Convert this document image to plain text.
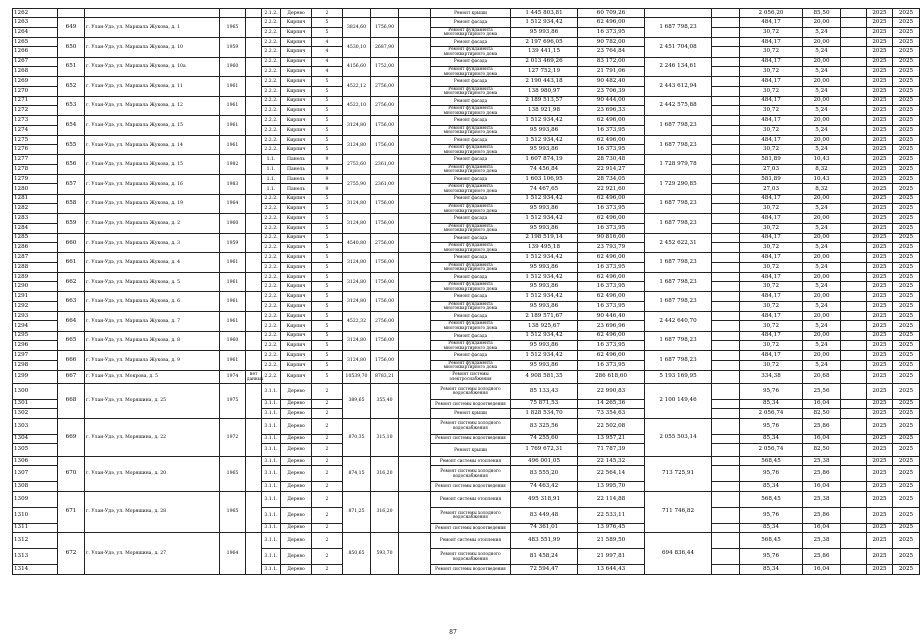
1262					2.1.2.	Дерево	2				Ремонт крыши	1 445 803,81	60 709,26			2 056,20	85,50		2025	2025
1263	649	г. Улан-Удэ, ул. Маршала Жукова, д. 1	1965		2.2.2.	Кирпич	5	3824,60	1756,90		Ремонт фасада	1 512 934,42	62 496,00	1 687 798,23		484,17	20,00		2025	2025
1264					2.2.2.	Кирпич	5				Ремонт фундамента многоквартирного дома	95 993,86	16 373,95			30,72	5,24		2025	2025
1265	650	г. Улан-Удэ, ул. Маршала Жукова, д. 10	1959		2.2.2.	Кирпич	4	4530,10	2687,90		Ремонт фасада	2 197 696,05	90 782,00	2 451 704,08		484,17	20,00		2025	2025
1266					2.2.2.	Кирпич	4				Ремонт фундамента многоквартирного дома	139 441,15	23 764,84			30,72	5,24		2025	2025
1267	651	г. Улан-Удэ, ул. Маршала Жукова, д. 10а	1960		2.2.2.	Кирпич	4	4156,60	1752,00		Ремонт фасада	2 013 469,26	83 172,00	2 246 134,61		484,17	20,00		2025	2025
1268					2.2.2.	Кирпич	4				Ремонт фундамента многоквартирного дома	127 752,19	21 791,06			30,72	5,24		2025	2025
1269	652	г. Улан-Удэ, ул. Маршала Жукова, д. 11	1961		2.2.2.	Кирпич	5	4522,12	2756,00		Ремонт фасада	2 190 443,18	90 482,40	2 443 612,94		484,17	20,00		2025	2025
1270					2.2.2.	Кирпич	5				Ремонт фундамента многоквартирного дома	138 980,97	23 706,39			30,72	5,24		2025	2025
1271	653	г. Улан-Удэ, ул. Маршала Жукова, д. 12	1961		2.2.2.	Кирпич	5	4522,10	2756,00		Ремонт фасада	2 189 513,57	90 444,00	2 442 575,88		484,17	20,00		2025	2025
1272					2.2.2.	Кирпич	5				Ремонт фундамента многоквартирного дома	138 921,98	23 696,33			30,72	5,24		2025	2025
1273	654	г. Улан-Удэ, ул. Маршала Жукова, д. 15	1961		2.2.2.	Кирпич	5	3124,80	1756,00		Ремонт фасада	1 512 934,42	62 496,00	1 687 798,23		484,17	20,00		2025	2025
1274					2.2.2.	Кирпич	5				Ремонт фундамента многоквартирного дома	95 993,86	16 373,95			30,72	5,24		2025	2025
1275	655	г. Улан-Удэ, ул. Маршала Жукова, д. 14	1961		2.2.2.	Кирпич	5	3124,80	1756,00		Ремонт фасада	1 512 934,42	62 496,00	1 687 798,23		484,17	20,00		2025	2025
1276					2.2.2.	Кирпич	5				Ремонт фундамента многоквартирного дома	95 993,86	16 373,95			30,72	5,24		2025	2025
1277	656	г. Улан-Удэ, ул. Маршала Жукова, д. 15	1982		1.1.	Панель	9	2753,60	2361,00		Ремонт фасада	1 607 874,19	28 730,48	1 728 979,78		581,89	10,43		2025	2025
1278					1.1.	Панель	9				Ремонт фундамента многоквартирного дома	74 456,84	22 914,27			27,03	8,32		2025	2025
1279	657	г. Улан-Удэ, ул. Маршала Жукова, д. 16	1983		1.1.	Панель	9	2755,90	2361,00		Ремонт фасада	1 603 106,95	28 734,05	1 729 290,85		581,89	10,43		2025	2025
1280					1.1.	Панель	9				Ремонт фундамента многоквартирного дома	74 467,65	22 921,60			27,03	8,32		2025	2025
1281	658	г. Улан-Удэ, ул. Маршала Жукова, д. 19	1964		2.2.2.	Кирпич	5	3124,80	1756,00		Ремонт фасада	1 512 934,42	62 496,00	1 687 798,23		484,17	20,00		2025	2025
1282					2.2.2.	Кирпич	5				Ремонт фундамента многоквартирного дома	95 993,86	16 373,95			30,72	5,24		2025	2025
1283	659	г. Улан-Удэ, ул. Маршала Жукова, д. 2	1960		2.2.2.	Кирпич	5	3124,80	1756,00		Ремонт фасада	1 512 934,42	62 496,00	1 687 798,23		484,17	20,00		2025	2025
1284					2.2.2.	Кирпич	5				Ремонт фундамента многоквартирного дома	95 993,86	16 373,95			30,72	5,24		2025	2025
1285	660	г. Улан-Удэ, ул. Маршала Жукова, д. 3	1959		2.2.2.	Кирпич	5	4540,80	2756,00		Ремонт фасада	2 198 519,14	90 816,00	2 452 622,31		484,17	20,00		2025	2025
1286					2.2.2.	Кирпич	5				Ремонт фундамента многоквартирного дома	139 495,18	23 793,79			30,72	5,24		2025	2025
1287	661	г. Улан-Удэ, ул. Маршала Жукова, д. 4	1961		2.2.2.	Кирпич	5	3124,80	1756,00		Ремонт фасада	1 512 934,42	62 496,00	1 687 798,23		484,17	20,00		2025	2025
1288					2.2.2.	Кирпич	5				Ремонт фундамента многоквартирного дома	95 993,86	16 373,95			30,72	5,24		2025	2025
1289	662	г. Улан-Удэ, ул. Маршала Жукова, д. 5	1961		2.2.2.	Кирпич	5	3124,80	1756,00		Ремонт фасада	1 512 934,42	62 496,00	1 687 798,23		484,17	20,00		2025	2025
1290					2.2.2.	Кирпич	5				Ремонт фундамента многоквартирного дома	95 993,86	16 373,95			30,72	5,24		2025	2025
1291	663	г. Улан-Удэ, ул. Маршала Жукова, д. 6	1961		2.2.2.	Кирпич	5	3124,80	1756,00		Ремонт фасада	1 512 934,42	62 496,00	1 687 798,23		484,17	20,00		2025	2025
1292					2.2.2.	Кирпич	5				Ремонт фундамента многоквартирного дома	95 993,86	16 373,95			30,72	5,24		2025	2025
1293	664	г. Улан-Удэ, ул. Маршала Жукова, д. 7	1961		2.2.2.	Кирпич	5	4522,32	2756,00		Ремонт фасада	2 189 571,67	90 446,40	2 442 640,70		484,17	20,00		2025	2025
1294					2.2.2.	Кирпич	5				Ремонт фундамента многоквартирного дома	138 925,67	23 696,96			30,72	5,24		2025	2025
1295	665	г. Улан-Удэ, ул. Маршала Жукова, д. 8	1960		2.2.2.	Кирпич	5	3124,80	1756,00		Ремонт фасада	1 512 934,42	62 496,00	1 687 798,23		484,17	20,00		2025	2025
1296					2.2.2.	Кирпич	5				Ремонт фундамента многоквартирного дома	95 993,86	16 373,95			30,72	5,24		2025	2025
1297	666	г. Улан-Удэ, ул. Маршала Жукова, д. 9	1961		2.2.2.	Кирпич	5	3124,80	1756,00		Ремонт фасада	1 512 934,42	62 496,00	1 687 798,23		484,17	20,00		2025	2025
1298					2.2.2.	Кирпич	5				Ремонт фундамента многоквартирного дома	95 993,86	16 373,95			30,72	5,24		2025	2025
1299	667	г. Улан-Удэ, ул. Мокрова, д. 5	1974	нет данных	2.2.2.	Кирпич	5	10539,70	8783,21		Ремонт системы электроснабжения	4 908 581,35	286 618,60	5 193 169,95		334,38	20,68		2025	2025
1300	668	г. Улан-Удэ, ул. Моряшина, д. 25	1975		3.1.1.	Дерево	2	389,65	355,40		Ремонт системы холодного водоснабжения	85 133,43	22 990,83	2 100 149,46		95,76	25,56		2025	2025
1301					3.1.1.	Дерево	2				Ремонт системы водоотведения	75 871,53	14 265,36			85,34	16,04		2025	2025
1302					3.1.1.	Дерево	2				Ремонт крыши	1 828 534,70	73 354,63			2 056,74	82,50		2025	2025
1303	669	г. Улан-Удэ, ул. Моряшина, д. 22	1972		3.1.1.	Дерево	2	870,35	315,10		Ремонт системы холодного водоснабжения	83 325,56	22 502,08	2 055 503,14		95,76	25,86		2025	2025
1304					3.1.1.	Дерево	2				Ремонт системы водоотведения	74 255,60	13 957,21			85,34	16,04		2025	2025
1305					3.1.1.	Дерево	2				Ремонт крыши	1 769 672,31	71 787,39			2 056,74	82,50		2025	2025
1306	670	г. Улан-Удэ, ул. Моряшина, д. 20	1965		3.1.1.	Дерево	2	874,15	316,20		Ремонт системы отопления	496 001,05	22 145,32	713 725,91		568,45	25,38		2025	2025
1307					3.1.1.	Дерево	2				Ремонт системы холодного водоснабжения	83 555,20	22 564,14			95,76	25,86		2025	2025
1308					3.1.1.	Дерево	2				Ремонт системы водоотведения	74 463,42	13 995,70			85,34	16,04		2025	2025
1309	671	г. Улан-Удэ, ул. Моряшина, д. 28	1965		3.1.1.	Дерево	2	871,25	316,20		Ремонт системы отопления	495 318,91	22 114,88	711 746,82		568,45	25,38		2025	2025
1310					3.1.1.	Дерево	2				Ремонт системы холодного водоснабжения	83 449,48	22 533,11			95,76	25,86		2025	2025
1311					3.1.1.	Дерево	2				Ремонт системы водоотведения	74 361,01	13 976,45			85,34	16,04		2025	2025
1312	672	г. Улан-Удэ, ул. Моряшина, д. 27	1964		3.1.1.	Дерево	2	850,65	593,70		Ремонт системы отопления	483 551,99	21 589,50	694 836,44		568,45	25,38		2025	2025
1313					3.1.1.	Дерево	2				Ремонт системы холодного водоснабжения	81 458,24	21 997,81			95,76	25,86		2025	2025
1314					3.1.1.	Дерево	2				Ремонт системы водоотведения	72 594,47	13 644,43			85,34	16,04		2025	2025
87
